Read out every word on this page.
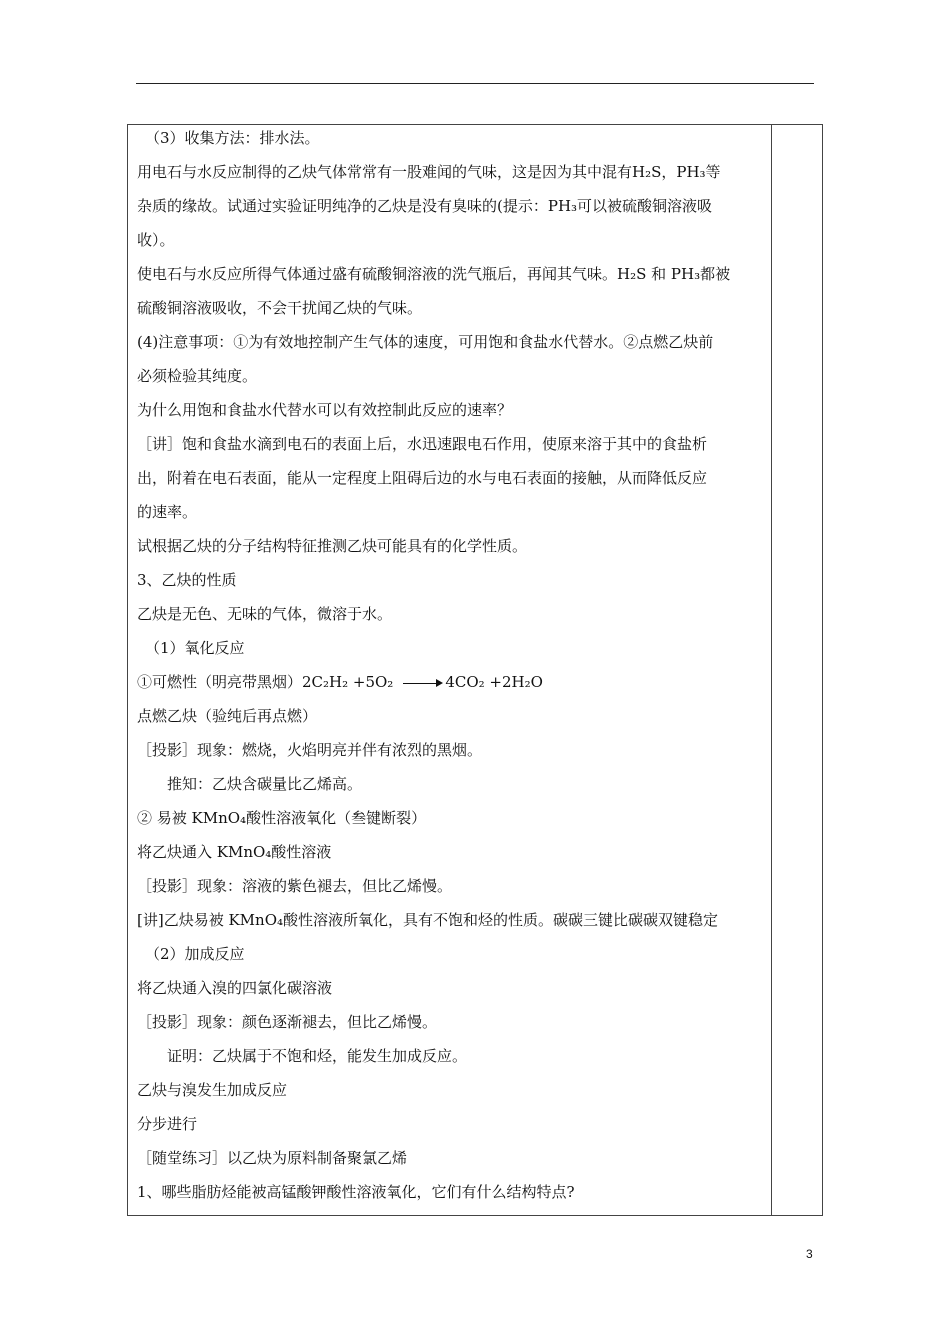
（3）收集方法：排水法。
用电石与水反应制得的乙炔气体常常有一股难闻的气味，这是因为其中混有H₂S，PH₃等
杂质的缘故。试通过实验证明纯净的乙炔是没有臭味的(提示：PH₃可以被硫酸铜溶液吸
收）。
使电石与水反应所得气体通过盛有硫酸铜溶液的洗气瓶后，再闻其气味。H₂S 和 PH₃都被
硫酸铜溶液吸收，不会干扰闻乙炔的气味。
(4)注意事项：①为有效地控制产生气体的速度，可用饱和食盐水代替水。②点燃乙炔前
必须检验其纯度。
为什么用饱和食盐水代替水可以有效控制此反应的速率？
［讲］饱和食盐水滴到电石的表面上后，水迅速跟电石作用，使原来溶于其中的食盐析
出，附着在电石表面，能从一定程度上阻碍后边的水与电石表面的接触，从而降低反应
的速率。
试根据乙炔的分子结构特征推测乙炔可能具有的化学性质。
3、乙炔的性质
乙炔是无色、无味的气体，微溶于水。
（1）氧化反应
①可燃性（明亮带黑烟）2C₂H₂ +5O₂	4CO₂ +2H₂O
点燃乙炔（验纯后再点燃）
［投影］现象：燃烧，火焰明亮并伴有浓烈的黑烟。
推知：乙炔含碳量比乙烯高。
② 易被 KMnO₄酸性溶液氧化（叁键断裂）
将乙炔通入 KMnO₄酸性溶液
［投影］现象：溶液的紫色褪去，但比乙烯慢。
[讲]乙炔易被 KMnO₄酸性溶液所氧化，具有不饱和烃的性质。碳碳三键比碳碳双键稳定
（2）加成反应
将乙炔通入溴的四氯化碳溶液
［投影］现象：颜色逐渐褪去，但比乙烯慢。
证明：乙炔属于不饱和烃，能发生加成反应。
乙炔与溴发生加成反应
分步进行
［随堂练习］以乙炔为原料制备聚氯乙烯
1、哪些脂肪烃能被高锰酸钾酸性溶液氧化，它们有什么结构特点?
3
